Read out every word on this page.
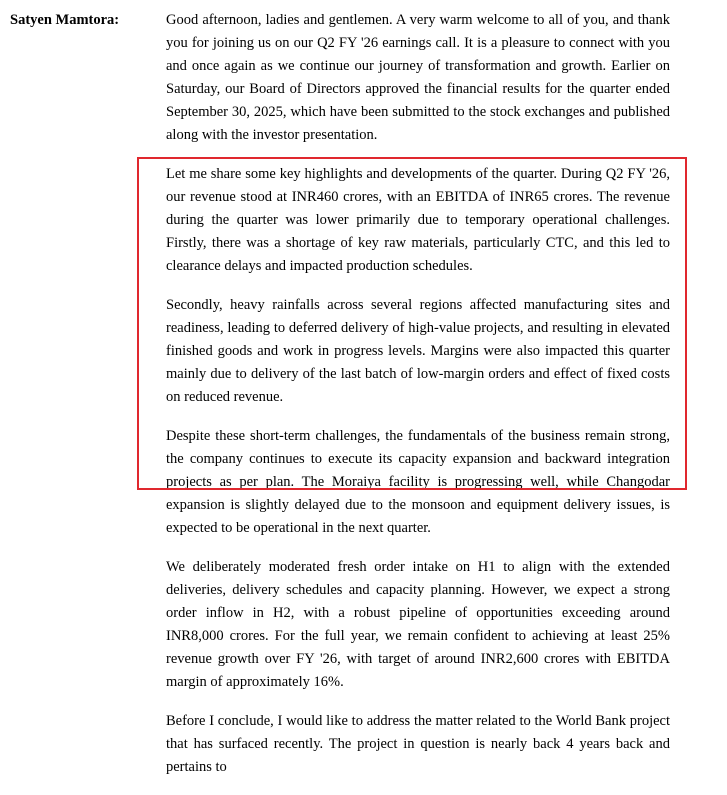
Satyen Mamtora:	Good afternoon, ladies and gentlemen. A very warm welcome to all of you, and thank you for joining us on our Q2 FY '26 earnings call. It is a pleasure to connect with you and once again as we continue our journey of transformation and growth. Earlier on Saturday, our Board of Directors approved the financial results for the quarter ended September 30, 2025, which have been submitted to the stock exchanges and published along with the investor presentation.

Let me share some key highlights and developments of the quarter. During Q2 FY '26, our revenue stood at INR460 crores, with an EBITDA of INR65 crores. The revenue during the quarter was lower primarily due to temporary operational challenges. Firstly, there was a shortage of key raw materials, particularly CTC, and this led to clearance delays and impacted production schedules.

Secondly, heavy rainfalls across several regions affected manufacturing sites and readiness, leading to deferred delivery of high-value projects, and resulting in elevated finished goods and work in progress levels. Margins were also impacted this quarter mainly due to delivery of the last batch of low-margin orders and effect of fixed costs on reduced revenue.

Despite these short-term challenges, the fundamentals of the business remain strong, the company continues to execute its capacity expansion and backward integration projects as per plan. The Moraiya facility is progressing well, while Changodar expansion is slightly delayed due to the monsoon and equipment delivery issues, is expected to be operational in the next quarter.

We deliberately moderated fresh order intake on H1 to align with the extended deliveries, delivery schedules and capacity planning. However, we expect a strong order inflow in H2, with a robust pipeline of opportunities exceeding around INR8,000 crores. For the full year, we remain confident to achieving at least 25% revenue growth over FY '26, with target of around INR2,600 crores with EBITDA margin of approximately 16%.

Before I conclude, I would like to address the matter related to the World Bank project that has surfaced recently. The project in question is nearly back 4 years back and pertains to
